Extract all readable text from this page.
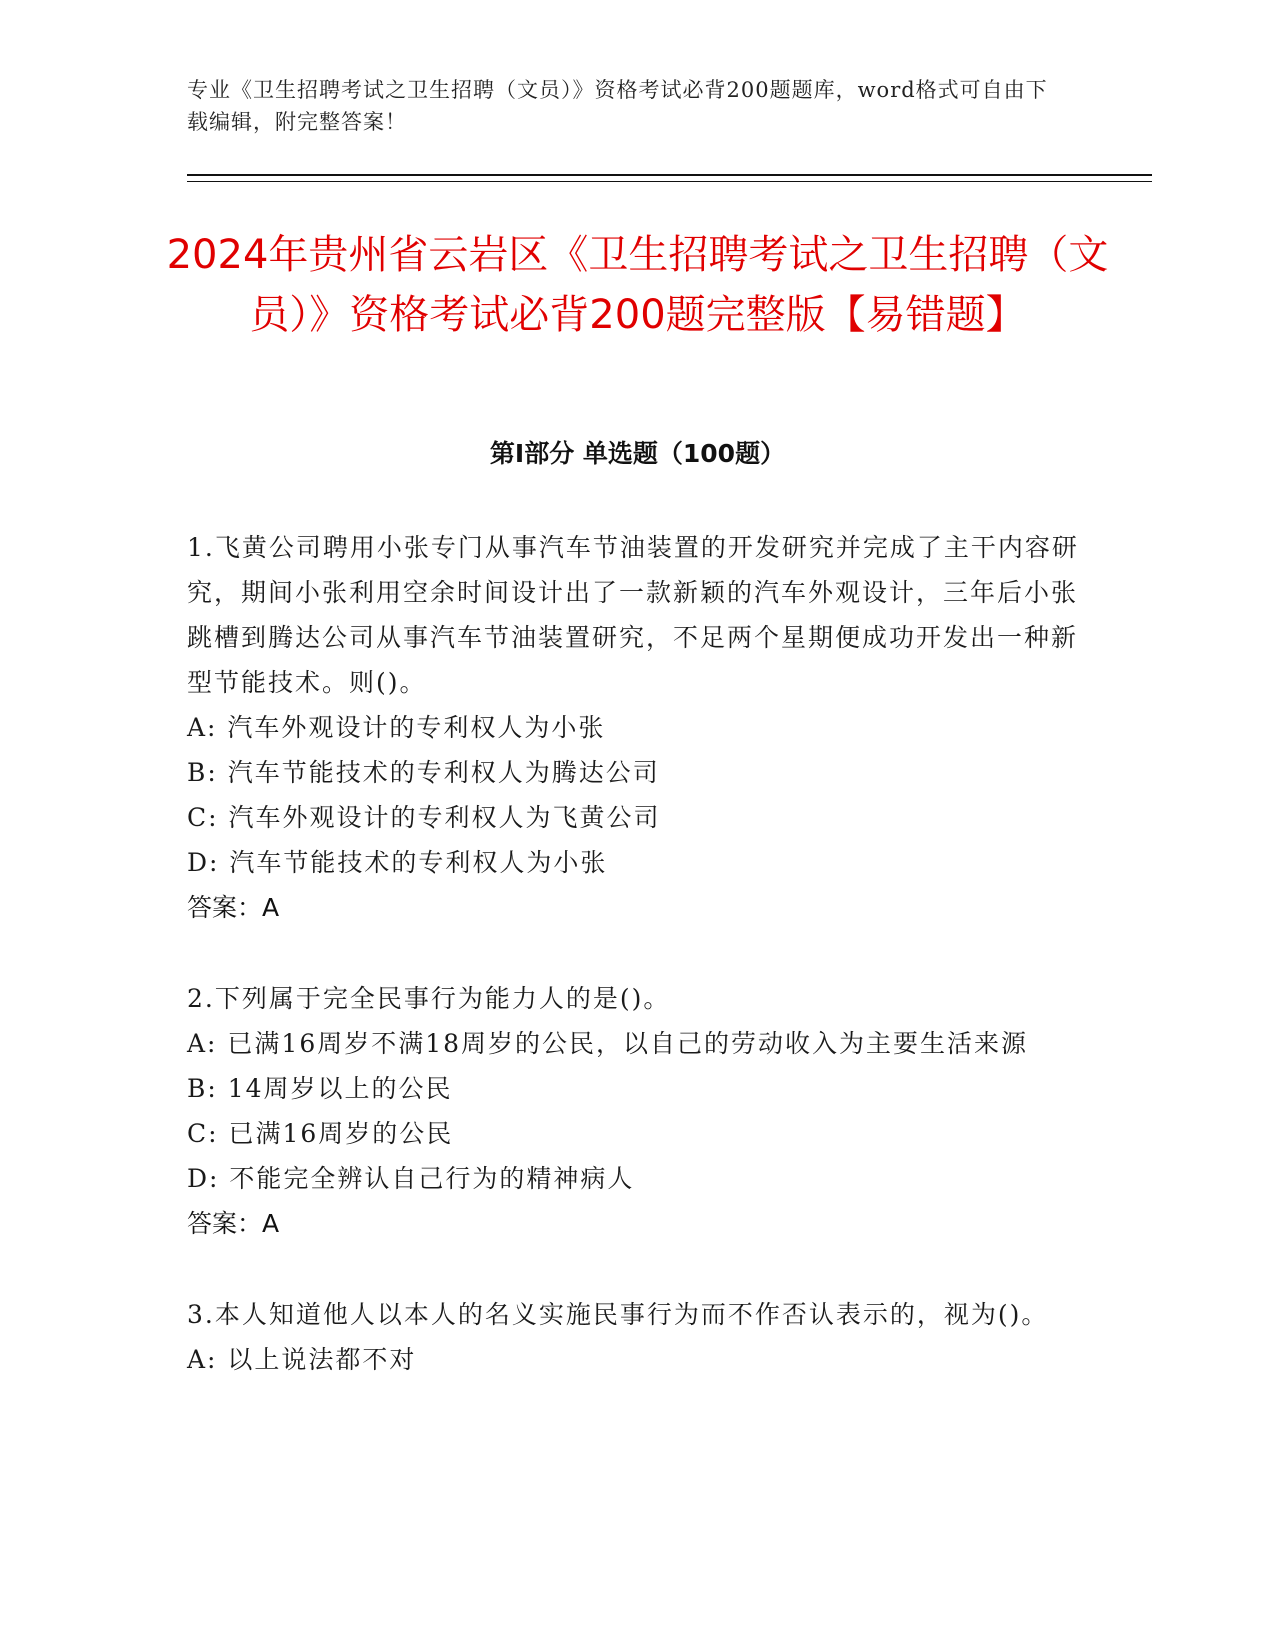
专业《卫生招聘考试之卫生招聘（文员）》资格考试必背200题题库，word格式可自由下载编辑，附完整答案！
2024年贵州省云岩区《卫生招聘考试之卫生招聘（文员）》资格考试必背200题完整版【易错题】
第I部分 单选题（100题）
1.飞黄公司聘用小张专门从事汽车节油装置的开发研究并完成了主干内容研究，期间小张利用空余时间设计出了一款新颖的汽车外观设计，三年后小张跳槽到腾达公司从事汽车节油装置研究，不足两个星期便成功开发出一种新型节能技术。则()。
A: 汽车外观设计的专利权人为小张
B: 汽车节能技术的专利权人为腾达公司
C: 汽车外观设计的专利权人为飞黄公司
D: 汽车节能技术的专利权人为小张
答案：A
2.下列属于完全民事行为能力人的是()。
A: 已满16周岁不满18周岁的公民，以自己的劳动收入为主要生活来源
B: 14周岁以上的公民
C: 已满16周岁的公民
D: 不能完全辨认自己行为的精神病人
答案：A
3.本人知道他人以本人的名义实施民事行为而不作否认表示的，视为()。
A: 以上说法都不对
